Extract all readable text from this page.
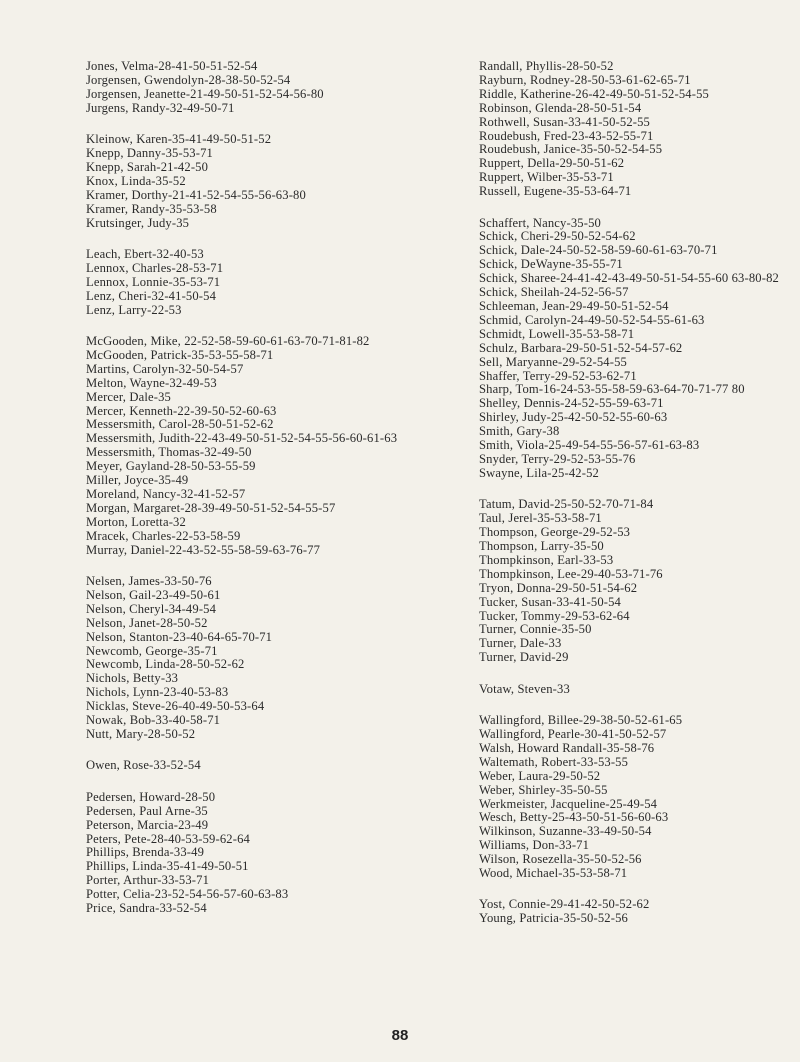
Jones, Velma-28-41-50-51-52-54
Jorgensen, Gwendolyn-28-38-50-52-54
Jorgensen, Jeanette-21-49-50-51-52-54-56-80
Jurgens, Randy-32-49-50-71
Kleinow, Karen-35-41-49-50-51-52
Knepp, Danny-35-53-71
Knepp, Sarah-21-42-50
Knox, Linda-35-52
Kramer, Dorthy-21-41-52-54-55-56-63-80
Kramer, Randy-35-53-58
Krutsinger, Judy-35
Leach, Ebert-32-40-53
Lennox, Charles-28-53-71
Lennox, Lonnie-35-53-71
Lenz, Cheri-32-41-50-54
Lenz, Larry-22-53
McGooden, Mike, 22-52-58-59-60-61-63-70-71-81-82
McGooden, Patrick-35-53-55-58-71
Martins, Carolyn-32-50-54-57
Melton, Wayne-32-49-53
Mercer, Dale-35
Mercer, Kenneth-22-39-50-52-60-63
Messersmith, Carol-28-50-51-52-62
Messersmith, Judith-22-43-49-50-51-52-54-55-56-60-61-63
Messersmith, Thomas-32-49-50
Meyer, Gayland-28-50-53-55-59
Miller, Joyce-35-49
Moreland, Nancy-32-41-52-57
Morgan, Margaret-28-39-49-50-51-52-54-55-57
Morton, Loretta-32
Mracek, Charles-22-53-58-59
Murray, Daniel-22-43-52-55-58-59-63-76-77
Nelsen, James-33-50-76
Nelson, Gail-23-49-50-61
Nelson, Cheryl-34-49-54
Nelson, Janet-28-50-52
Nelson, Stanton-23-40-64-65-70-71
Newcomb, George-35-71
Newcomb, Linda-28-50-52-62
Nichols, Betty-33
Nichols, Lynn-23-40-53-83
Nicklas, Steve-26-40-49-50-53-64
Nowak, Bob-33-40-58-71
Nutt, Mary-28-50-52
Owen, Rose-33-52-54
Pedersen, Howard-28-50
Pedersen, Paul Arne-35
Peterson, Marcia-23-49
Peters, Pete-28-40-53-59-62-64
Phillips, Brenda-33-49
Phillips, Linda-35-41-49-50-51
Porter, Arthur-33-53-71
Potter, Celia-23-52-54-56-57-60-63-83
Price, Sandra-33-52-54
Randall, Phyllis-28-50-52
Rayburn, Rodney-28-50-53-61-62-65-71
Riddle, Katherine-26-42-49-50-51-52-54-55
Robinson, Glenda-28-50-51-54
Rothwell, Susan-33-41-50-52-55
Roudebush, Fred-23-43-52-55-71
Roudebush, Janice-35-50-52-54-55
Ruppert, Della-29-50-51-62
Ruppert, Wilber-35-53-71
Russell, Eugene-35-53-64-71
Schaffert, Nancy-35-50
Schick, Cheri-29-50-52-54-62
Schick, Dale-24-50-52-58-59-60-61-63-70-71
Schick, DeWayne-35-55-71
Schick, Sharee-24-41-42-43-49-50-51-54-55-60 63-80-82
Schick, Sheilah-24-52-56-57
Schleeman, Jean-29-49-50-51-52-54
Schmid, Carolyn-24-49-50-52-54-55-61-63
Schmidt, Lowell-35-53-58-71
Schulz, Barbara-29-50-51-52-54-57-62
Sell, Maryanne-29-52-54-55
Shaffer, Terry-29-52-53-62-71
Sharp, Tom-16-24-53-55-58-59-63-64-70-71-77 80
Shelley, Dennis-24-52-55-59-63-71
Shirley, Judy-25-42-50-52-55-60-63
Smith, Gary-38
Smith, Viola-25-49-54-55-56-57-61-63-83
Snyder, Terry-29-52-53-55-76
Swayne, Lila-25-42-52
Tatum, David-25-50-52-70-71-84
Taul, Jerel-35-53-58-71
Thompson, George-29-52-53
Thompson, Larry-35-50
Thompkinson, Earl-33-53
Thompkinson, Lee-29-40-53-71-76
Tryon, Donna-29-50-51-54-62
Tucker, Susan-33-41-50-54
Tucker, Tommy-29-53-62-64
Turner, Connie-35-50
Turner, Dale-33
Turner, David-29
Votaw, Steven-33
Wallingford, Billee-29-38-50-52-61-65
Wallingford, Pearle-30-41-50-52-57
Walsh, Howard Randall-35-58-76
Waltemath, Robert-33-53-55
Weber, Laura-29-50-52
Weber, Shirley-35-50-55
Werkmeister, Jacqueline-25-49-54
Wesch, Betty-25-43-50-51-56-60-63
Wilkinson, Suzanne-33-49-50-54
Williams, Don-33-71
Wilson, Rosezella-35-50-52-56
Wood, Michael-35-53-58-71
Yost, Connie-29-41-42-50-52-62
Young, Patricia-35-50-52-56
88
